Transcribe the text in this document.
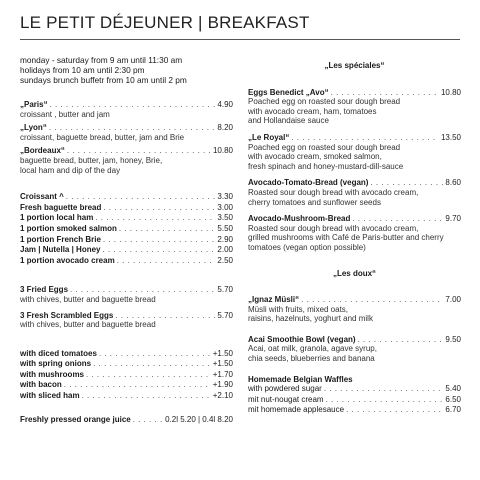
LE PETIT DÉJEUNER | BREAKFAST
monday - saturday from 9 am until 11:30 am
holidays from 10 am until 2:30 pm
sundays brunch buffetr from 10 am until 2 pm
„Paris“ . . .	4.90
croissant , butter and jam
„Lyon“ . . .	8.20
croissant, baguette bread, butter, jam and Brie
„Bordeaux“ . . .	10.80
baguette bread, butter, jam, honey, Brie,
local ham and dip of the day
Croissant ^ . . .	3.30
Fresh baguette bread . . .	3.00
1 portion local ham . . .	3.50
1 portion smoked salmon . . .	5.50
1 portion French Brie . . .	2.90
Jam | Nutella | Honey . . .	2.00
1 portion avocado cream . . .	2.50
3 Fried Eggs . . .	5.70
with chives, butter and baguette bread
3 Fresh Scrambled Eggs . . .	5.70
with chives, butter and baguette bread
with diced tomatoes . . .	+1.50
with spring onions . . .	+1.50
with mushrooms . . .	+1.70
with bacon . . .	+1.90
with sliced ham . . .	+2.10
Freshly pressed orange juice . . .	0.2l 5.20 | 0.4l 8.20
„Les spéciales“
Eggs Benedict „Avo“ . . .	10.80
Poached egg on roasted sour dough bread
with avocado cream, ham, tomatoes
and Hollandaise sauce
„Le Royal“ . . .	13.50
Poached egg on roasted sour dough bread
with avocado cream, smoked salmon,
fresh spinach and honey-mustard-dill-sauce
Avocado-Tomato-Bread (vegan) . . .	8.60
Roasted sour dough bread with avocado cream,
cherry tomatoes and sunflower seeds
Avocado-Mushroom-Bread . . .	9.70
Roasted sour dough bread with avocado cream,
grilled mushrooms with Café de Paris-butter and cherry
tomatoes (vegan option possible)
„Les doux“
„Ignaz Müsli“ . . .	7.00
Müsli with fruits, mixed oats,
raisins, hazelnuts, yoghurt and milk
Acai Smoothie Bowl (vegan) . . .	9.50
Acai, oat milk, granola, agave syrup,
chia seeds, blueberries and banana
Homemade Belgian Waffles
with powdered sugar . . .	5.40
mit nut-nougat cream . . .	6.50
mit homemade applesauce . . .	6.70
